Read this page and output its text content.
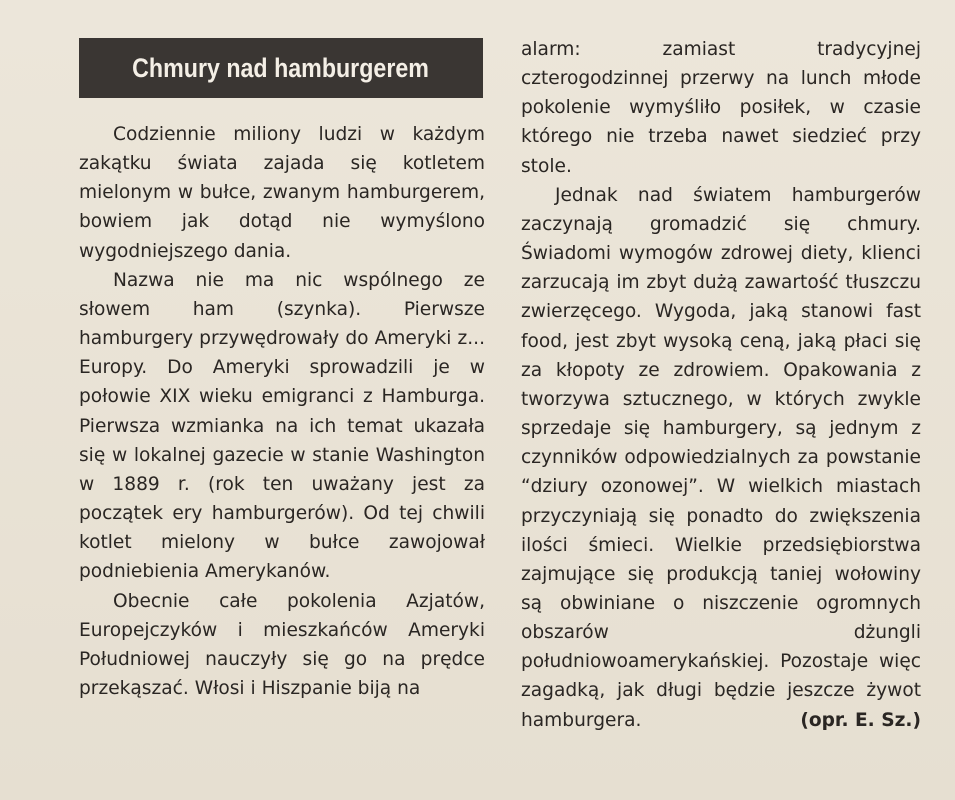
Chmury nad hamburgerem

Codziennie miliony ludzi w każdym zakątku świata zajada się kotletem mielonym w bułce, zwanym hamburgerem, bowiem jak dotąd nie wymyślono wygodniejszego dania.

Nazwa nie ma nic wspólnego ze słowem ham (szynka). Pierwsze hamburgery przywędrowały do Ameryki z... Europy. Do Ameryki sprowadzili je w połowie XIX wieku emigranci z Hamburga. Pierwsza wzmianka na ich temat ukazała się w lokalnej gazecie w stanie Washington w 1889 r. (rok ten uważany jest za początek ery hamburgerów). Od tej chwili kotlet mielony w bułce zawojował podniebienia Amerykanów.

Obecnie całe pokolenia Azjatów, Europejczyków i mieszkańców Ameryki Południowej nauczyły się go na prędce przekąszać. Włosi i Hiszpanie biją na

alarm: zamiast tradycyjnej czterogodzinnej przerwy na lunch młode pokolenie wymyśliło posiłek, w czasie którego nie trzeba nawet siedzieć przy stole.

Jednak nad światem hamburgerów zaczynają gromadzić się chmury. Świadomi wymogów zdrowej diety, klienci zarzucają im zbyt dużą zawartość tłuszczu zwierzęcego. Wygoda, jaką stanowi fast food, jest zbyt wysoką ceną, jaką płaci się za kłopoty ze zdrowiem. Opakowania z tworzywa sztucznego, w których zwykle sprzedaje się hamburgery, są jednym z czynników odpowiedzialnych za powstanie “dziury ozonowej”. W wielkich miastach przyczyniają się ponadto do zwiększenia ilości śmieci. Wielkie przedsiębiorstwa zajmujące się produkcją taniej wołowiny są obwiniane o niszczenie ogromnych obszarów dżungli południowoamerykańskiej. Pozostaje więc zagadką, jak długi będzie jeszcze żywot hamburgera.	(opr. E. Sz.)
